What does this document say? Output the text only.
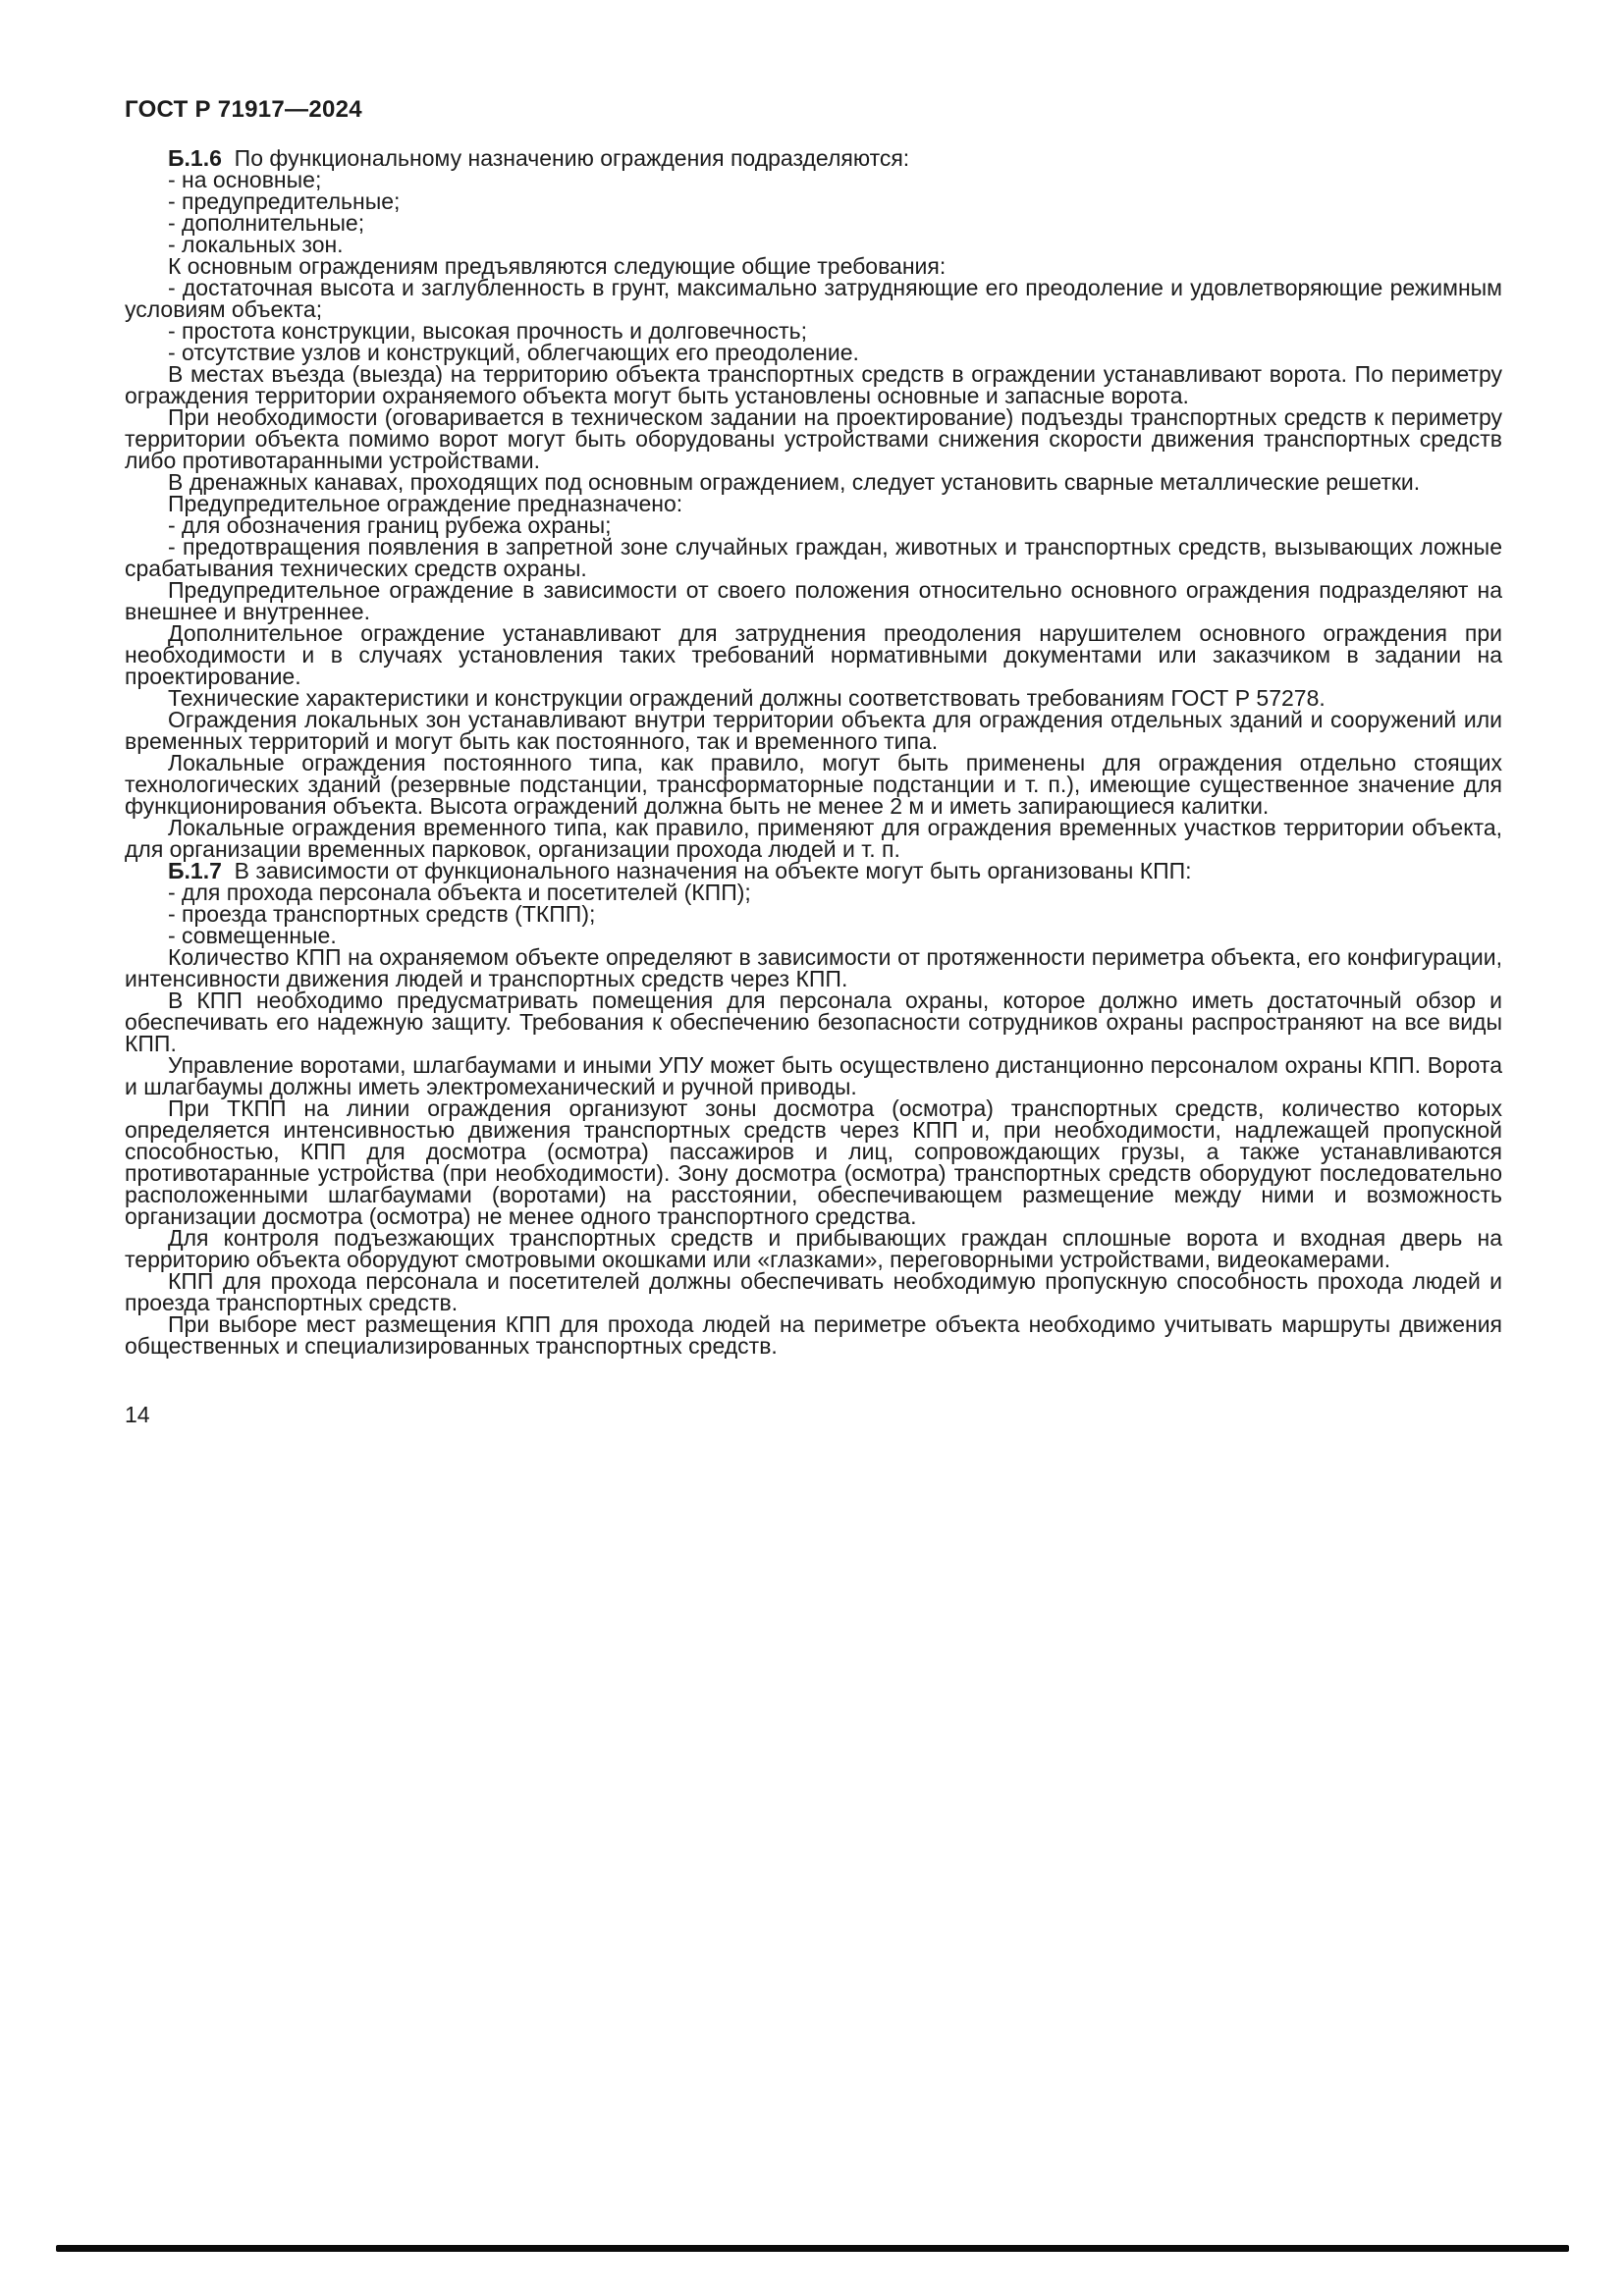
ГОСТ Р 71917—2024

Б.1.6  По функциональному назначению ограждения подразделяются:

- на основные;

- предупредительные;

- дополнительные;

- локальных зон.

К основным ограждениям предъявляются следующие общие требования:

- достаточная высота и заглубленность в грунт, максимально затрудняющие его преодоление и удовлетворяющие режимным условиям объекта;

- простота конструкции, высокая прочность и долговечность;

- отсутствие узлов и конструкций, облегчающих его преодоление.

В местах въезда (выезда) на территорию объекта транспортных средств в ограждении устанавливают ворота. По периметру ограждения территории охраняемого объекта могут быть установлены основные и запасные ворота.

При необходимости (оговаривается в техническом задании на проектирование) подъезды транспортных средств к периметру территории объекта помимо ворот могут быть оборудованы устройствами снижения скорости движения транспортных средств либо противотаранными устройствами.

В дренажных канавах, проходящих под основным ограждением, следует установить сварные металлические решетки.

Предупредительное ограждение предназначено:

- для обозначения границ рубежа охраны;

- предотвращения появления в запретной зоне случайных граждан, животных и транспортных средств, вызывающих ложные срабатывания технических средств охраны.

Предупредительное ограждение в зависимости от своего положения относительно основного ограждения подразделяют на внешнее и внутреннее.

Дополнительное ограждение устанавливают для затруднения преодоления нарушителем основного ограждения при необходимости и в случаях установления таких требований нормативными документами или заказчиком в задании на проектирование.

Технические характеристики и конструкции ограждений должны соответствовать требованиям ГОСТ Р 57278.

Ограждения локальных зон устанавливают внутри территории объекта для ограждения отдельных зданий и сооружений или временных территорий и могут быть как постоянного, так и временного типа.

Локальные ограждения постоянного типа, как правило, могут быть применены для ограждения отдельно стоящих технологических зданий (резервные подстанции, трансформаторные подстанции и т. п.), имеющие существенное значение для функционирования объекта. Высота ограждений должна быть не менее 2 м и иметь запирающиеся калитки.

Локальные ограждения временного типа, как правило, применяют для ограждения временных участков территории объекта, для организации временных парковок, организации прохода людей и т. п.

Б.1.7  В зависимости от функционального назначения на объекте могут быть организованы КПП:

- для прохода персонала объекта и посетителей (КПП);

- проезда транспортных средств (ТКПП);

- совмещенные.

Количество КПП на охраняемом объекте определяют в зависимости от протяженности периметра объекта, его конфигурации, интенсивности движения людей и транспортных средств через КПП.

В КПП необходимо предусматривать помещения для персонала охраны, которое должно иметь достаточный обзор и обеспечивать его надежную защиту. Требования к обеспечению безопасности сотрудников охраны распространяют на все виды КПП.

Управление воротами, шлагбаумами и иными УПУ может быть осуществлено дистанционно персоналом охраны КПП. Ворота и шлагбаумы должны иметь электромеханический и ручной приводы.

При ТКПП на линии ограждения организуют зоны досмотра (осмотра) транспортных средств, количество которых определяется интенсивностью движения транспортных средств через КПП и, при необходимости, надлежащей пропускной способностью, КПП для досмотра (осмотра) пассажиров и лиц, сопровождающих грузы, а также устанавливаются противотаранные устройства (при необходимости). Зону досмотра (осмотра) транспортных средств оборудуют последовательно расположенными шлагбаумами (воротами) на расстоянии, обеспечивающем размещение между ними и возможность организации досмотра (осмотра) не менее одного транспортного средства.

Для контроля подъезжающих транспортных средств и прибывающих граждан сплошные ворота и входная дверь на территорию объекта оборудуют смотровыми окошками или «глазками», переговорными устройствами, видеокамерами.

КПП для прохода персонала и посетителей должны обеспечивать необходимую пропускную способность прохода людей и проезда транспортных средств.

При выборе мест размещения КПП для прохода людей на периметре объекта необходимо учитывать маршруты движения общественных и специализированных транспортных средств.

14
